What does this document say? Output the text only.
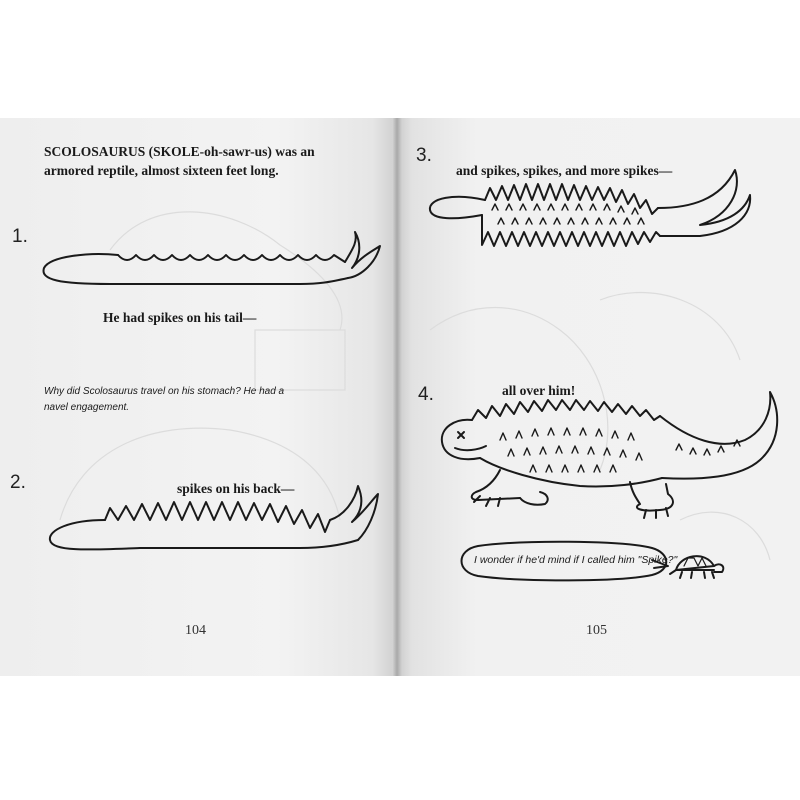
SCOLOSAURUS (SKOLE-oh-sawr-us) was an armored reptile, almost sixteen feet long.
1.
He had spikes on his tail—
Why did Scolosaurus travel on his stomach? He had a navel engagement.
2.	spikes on his back—
104
3.
and spikes, spikes, and more spikes—
4.	all over him!
105
I wonder if he'd mind if I called him "Spike?"
